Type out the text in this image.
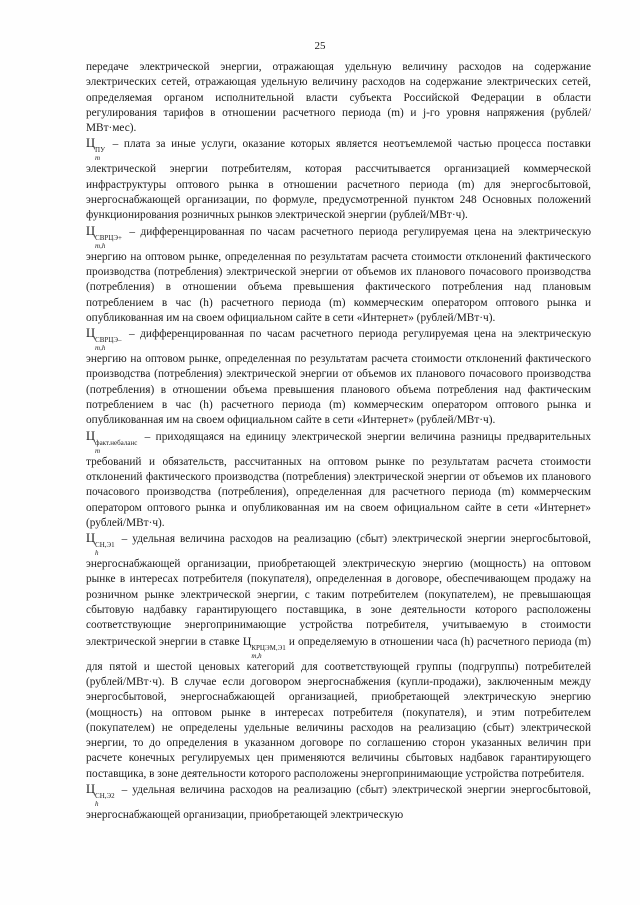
25

передаче электрической энергии, отражающая удельную величину расходов на содержание электрических сетей, отражающая удельную величину расходов на содержание электрических сетей, определяемая органом исполнительной власти субъекта Российской Федерации в области регулирования тарифов в отношении расчетного периода (m) и j-го уровня напряжения (рублей/МВт·мес).

Ц ПУ
m
– плата за иные услуги, оказание которых является неотъемлемой частью процесса поставки электрической энергии потребителям, которая рассчитывается организацией коммерческой инфраструктуры оптового рынка в отношении расчетного периода (m) для энергосбытовой, энергоснабжающей организации, по формуле, предусмотренной пунктом 248 Основных положений функционирования розничных рынков электрической энергии (рублей/МВт·ч).

Ц СВРЦЭ+
m,h
– дифференцированная по часам расчетного периода регулируемая цена на электрическую энергию на оптовом рынке, определенная по результатам расчета стоимости отклонений фактического производства (потребления) электрической энергии от объемов их планового почасового производства (потребления) в отношении объема превышения фактического потребления над плановым потреблением в час (h) расчетного периода (m) коммерческим оператором оптового рынка и опубликованная им на своем официальном сайте в сети «Интернет» (рублей/МВт·ч).

Ц СВРЦЭ–
m,h
– дифференцированная по часам расчетного периода регулируемая цена на электрическую энергию на оптовом рынке, определенная по результатам расчета стоимости отклонений фактического производства (потребления) электрической энергии от объемов их планового почасового производства (потребления) в отношении объема превышения планового объема потребления над фактическим потреблением в час (h) расчетного периода (m) коммерческим оператором оптового рынка и опубликованная им на своем официальном сайте в сети «Интернет» (рублей/МВт·ч).

Ц факт.небаланс
m
– приходящаяся на единицу электрической энергии величина разницы предварительных требований и обязательств, рассчитанных на оптовом рынке по результатам расчета стоимости отклонений фактического производства (потребления) электрической энергии от объемов их планового почасового производства (потребления), определенная для расчетного периода (m) коммерческим оператором оптового рынка и опубликованная им на своем официальном сайте в сети «Интернет» (рублей/МВт·ч).

Ц СН,Э1
h
– удельная величина расходов на реализацию (сбыт) электрической энергии энергосбытовой, энергоснабжающей организации, приобретающей электрическую энергию (мощность) на оптовом рынке в интересах потребителя (покупателя), определенная в договоре, обеспечивающем продажу на розничном рынке электрической энергии, с таким потребителем (покупателем), не превышающая сбытовую надбавку гарантирующего поставщика, в зоне деятельности которого расположены соответствующие энергопринимающие устройства потребителя, учитываемую в стоимости электрической энергии в ставке Ц КРЦЭМ,Э1
m,h
и определяемую в отношении часа (h) расчетного периода (m) для пятой и шестой ценовых категорий для соответствующей группы (подгруппы) потребителей (рублей/МВт·ч). В случае если договором энергоснабжения (купли-продажи), заключенным между энергосбытовой, энергоснабжающей организацией, приобретающей электрическую энергию (мощность) на оптовом рынке в интересах потребителя (покупателя), и этим потребителем (покупателем) не определены удельные величины расходов на реализацию (сбыт) электрической энергии, то до определения в указанном договоре по соглашению сторон указанных величин при расчете конечных регулируемых цен применяются величины сбытовых надбавок гарантирующего поставщика, в зоне деятельности которого расположены энергопринимающие устройства потребителя.

Ц СН,Э2
h
– удельная величина расходов на реализацию (сбыт) электрической энергии энергосбытовой, энергоснабжающей организации, приобретающей электрическую
